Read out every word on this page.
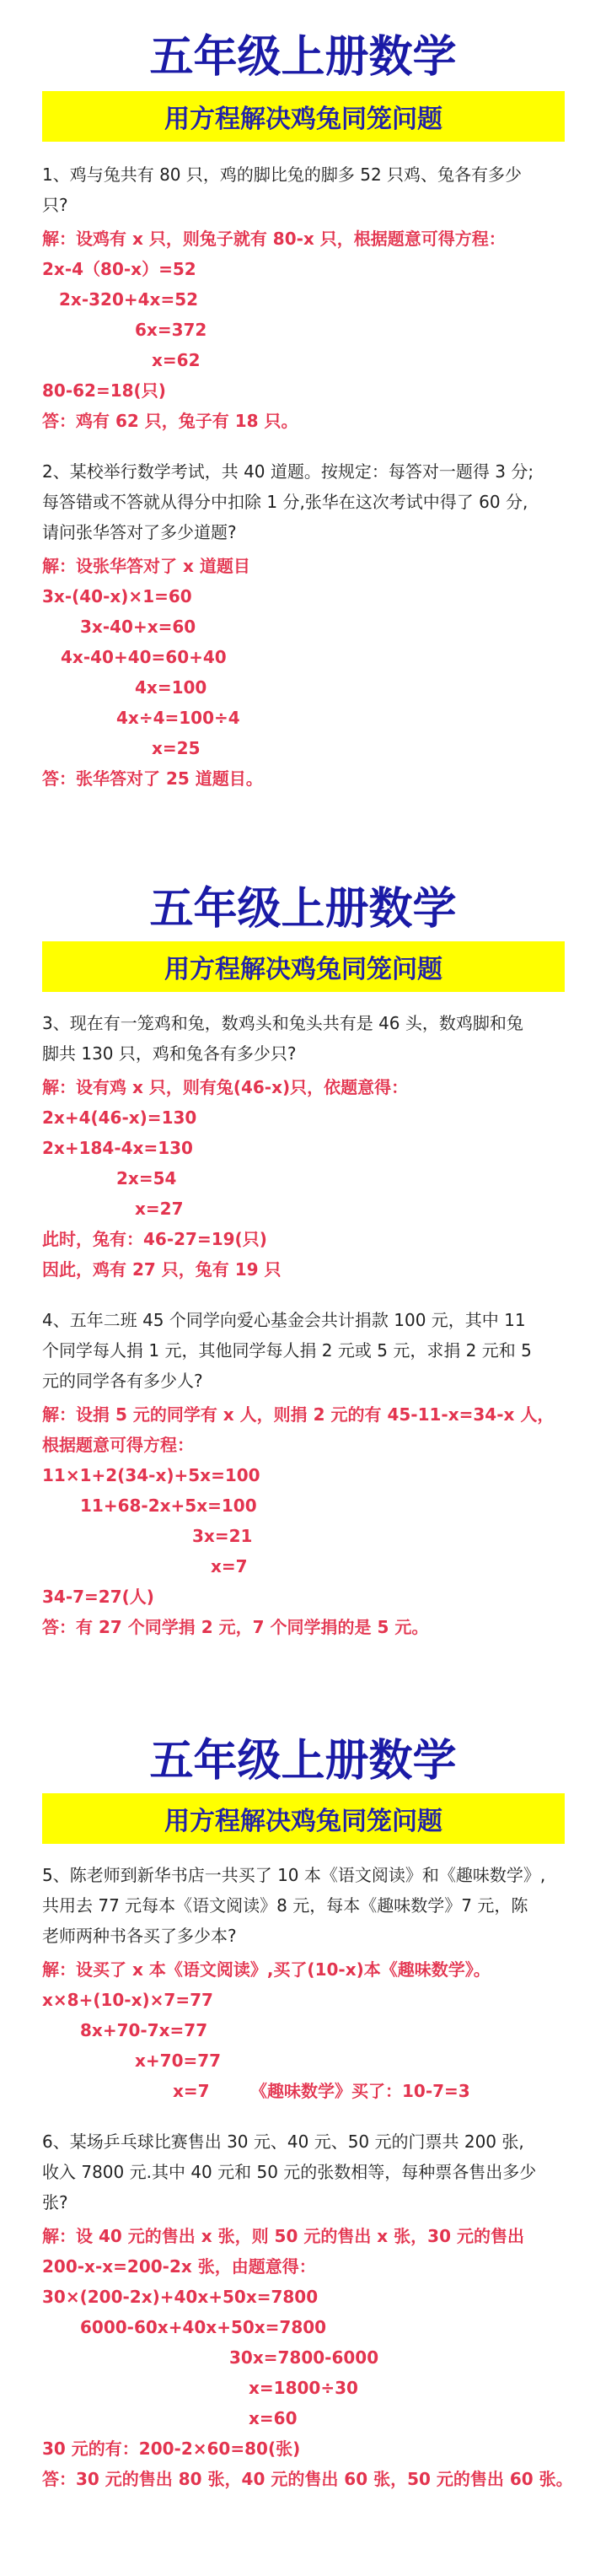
五年级上册数学
用方程解决鸡兔同笼问题
1、鸡与兔共有 80 只，鸡的脚比兔的脚多 52 只鸡、兔各有多少
只?
解：设鸡有 x 只，则兔子就有 80-x 只，根据题意可得方程：
2x-4（80-x）=52
2x-320+4x=52
6x=372
x=62
80-62=18(只)
答：鸡有 62 只，兔子有 18 只。
2、某校举行数学考试，共 40 道题。按规定：每答对一题得 3 分;
每答错或不答就从得分中扣除 1 分,张华在这次考试中得了 60 分,
请问张华答对了多少道题?
解：设张华答对了 x 道题目
3x-(40-x)×1=60
3x-40+x=60
4x-40+40=60+40
4x=100
4x÷4=100÷4
x=25
答：张华答对了 25 道题目。
五年级上册数学
用方程解决鸡兔同笼问题
3、现在有一笼鸡和兔，数鸡头和兔头共有是 46 头，数鸡脚和兔
脚共 130 只，鸡和兔各有多少只?
解：设有鸡 x 只，则有兔(46-x)只，依题意得：
2x+4(46-x)=130
2x+184-4x=130
2x=54
x=27
此时，兔有：46-27=19(只)
因此，鸡有 27 只，兔有 19 只
4、五年二班 45 个同学向爱心基金会共计捐款 100 元，其中 11
个同学每人捐 1 元，其他同学每人捐 2 元或 5 元，求捐 2 元和 5
元的同学各有多少人?
解：设捐 5 元的同学有 x 人，则捐 2 元的有 45-11-x=34-x 人，
根据题意可得方程：
11×1+2(34-x)+5x=100
11+68-2x+5x=100
3x=21
x=7
34-7=27(人)
答：有 27 个同学捐 2 元，7 个同学捐的是 5 元。
五年级上册数学
用方程解决鸡兔同笼问题
5、陈老师到新华书店一共买了 10 本《语文阅读》和《趣味数学》,
共用去 77 元每本《语文阅读》8 元，每本《趣味数学》7 元，陈
老师两种书各买了多少本?
解：设买了 x 本《语文阅读》,买了(10-x)本《趣味数学》。
x×8+(10-x)×7=77
8x+70-7x=77
x+70=77
x=7 《趣味数学》买了：10-7=3
6、某场乒乓球比赛售出 30 元、40 元、50 元的门票共 200 张,
收入 7800 元.其中 40 元和 50 元的张数相等，每种票各售出多少
张?
解：设 40 元的售出 x 张，则 50 元的售出 x 张，30 元的售出
200-x-x=200-2x 张，由题意得：
30×(200-2x)+40x+50x=7800
6000-60x+40x+50x=7800
30x=7800-6000
x=1800÷30
x=60
30 元的有：200-2×60=80(张)
答：30 元的售出 80 张，40 元的售出 60 张，50 元的售出 60 张。
